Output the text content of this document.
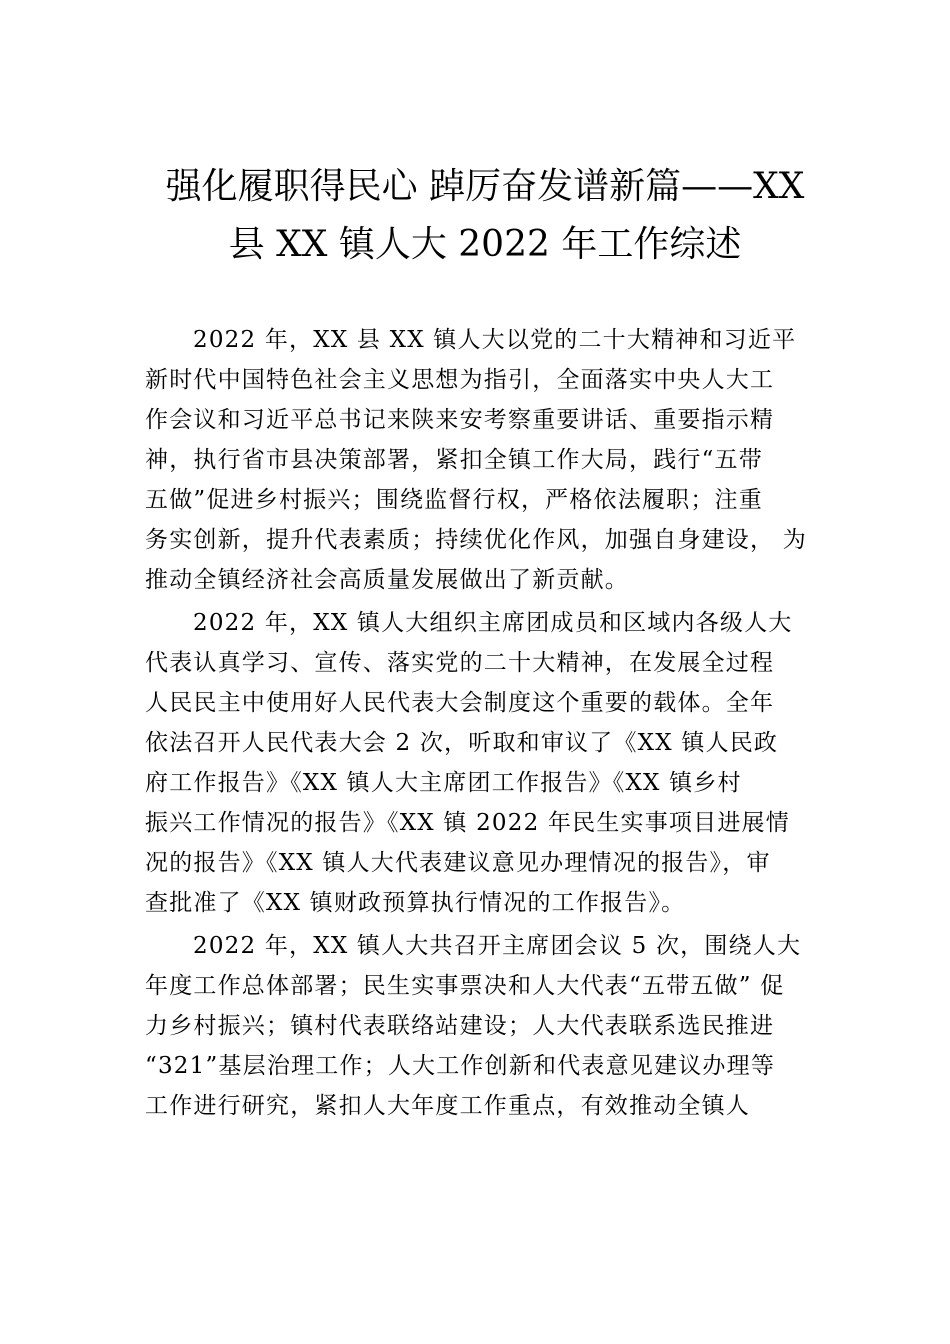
强化履职得民心 踔厉奋发谱新篇——XX
县 XX 镇人大 2022 年工作综述
2022 年，XX 县 XX 镇人大以党的二十大精神和习近平
新时代中国特色社会主义思想为指引，全面落实中央人大工
作会议和习近平总书记来陕来安考察重要讲话、重要指示精
神，执行省市县决策部署，紧扣全镇工作大局，践行“五带
五做”促进乡村振兴；围绕监督行权，严格依法履职；注重
务实创新，提升代表素质；持续优化作风，加强自身建设， 为
推动全镇经济社会高质量发展做出了新贡献。
2022 年，XX 镇人大组织主席团成员和区域内各级人大
代表认真学习、宣传、落实党的二十大精神，在发展全过程
人民民主中使用好人民代表大会制度这个重要的载体。全年
依法召开人民代表大会 2 次，听取和审议了《XX 镇人民政
府工作报告》《XX 镇人大主席团工作报告》《XX 镇乡村
振兴工作情况的报告》《XX 镇 2022 年民生实事项目进展情
况的报告》《XX 镇人大代表建议意见办理情况的报告》，审
查批准了《XX 镇财政预算执行情况的工作报告》。
2022 年，XX 镇人大共召开主席团会议 5 次，围绕人大
年度工作总体部署；民生实事票决和人大代表“五带五做” 促
力乡村振兴；镇村代表联络站建设；人大代表联系选民推进
“321”基层治理工作；人大工作创新和代表意见建议办理等
工作进行研究，紧扣人大年度工作重点，有效推动全镇人
